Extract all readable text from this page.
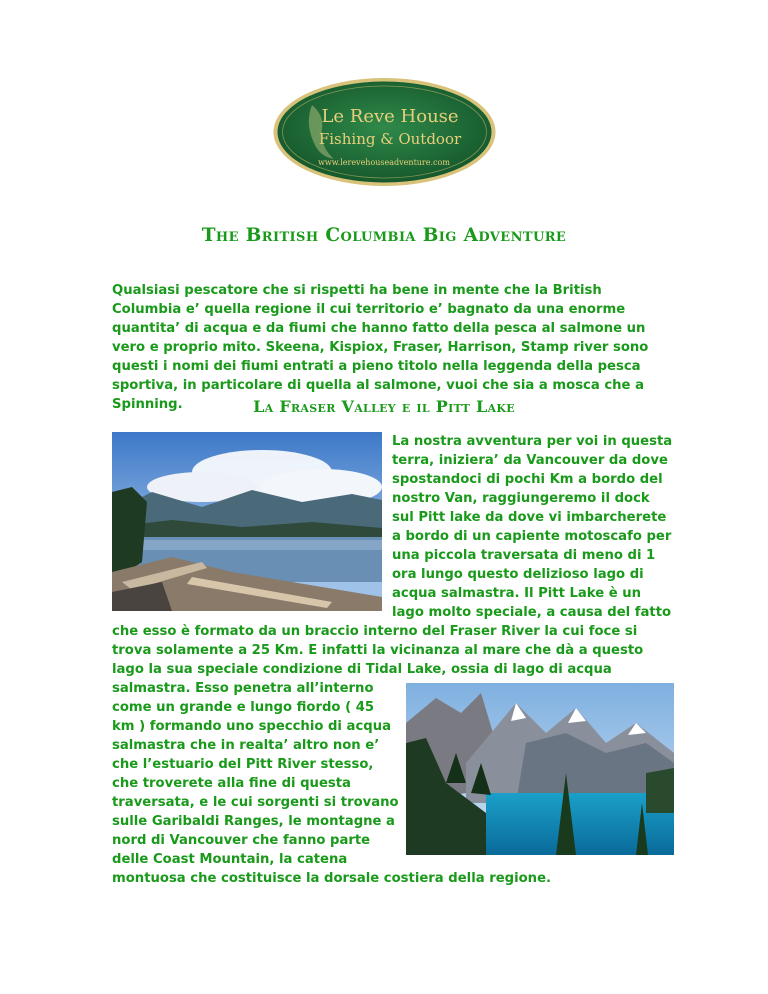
Le Reve House
Fishing & Outdoor
www.lerevehouseadventure.com
The British Columbia Big Adventure
Qualsiasi pescatore che si rispetti ha bene in mente che la British Columbia e’ quella regione il cui territorio e’ bagnato da una enorme quantita’ di acqua e da fiumi che hanno fatto della pesca al salmone un vero e proprio mito. Skeena, Kispiox, Fraser, Harrison, Stamp river sono questi i nomi dei fiumi entrati a pieno titolo nella leggenda della pesca sportiva, in particolare di quella al salmone, vuoi che sia a mosca che a Spinning.	La Fraser Valley e il Pitt Lake
La nostra avventura per voi in questa terra, iniziera’ da Vancouver da dove spostandoci di pochi Km a bordo del nostro Van, raggiungeremo il dock sul Pitt lake da dove vi imbarcherete a bordo di un capiente motoscafo per una piccola traversata di meno di 1 ora lungo questo delizioso lago di acqua salmastra. Il Pitt Lake è un lago molto speciale, a causa del fatto che esso è formato da un braccio interno del Fraser River la cui foce si trova solamente a 25 Km. E infatti la vicinanza al mare che dà a questo lago la sua speciale condizione di Tidal Lake, ossia di lago di acqua salmastra. Esso penetra all’interno come un grande e lungo fiordo ( 45 km ) formando uno specchio di acqua salmastra che in realta’ altro non e’ che l’estuario del Pitt River stesso, che troverete alla fine di questa traversata, e le cui sorgenti si trovano sulle Garibaldi Ranges, le montagne a nord di Vancouver che fanno parte delle Coast Mountain, la catena montuosa che costituisce la dorsale costiera della regione.
